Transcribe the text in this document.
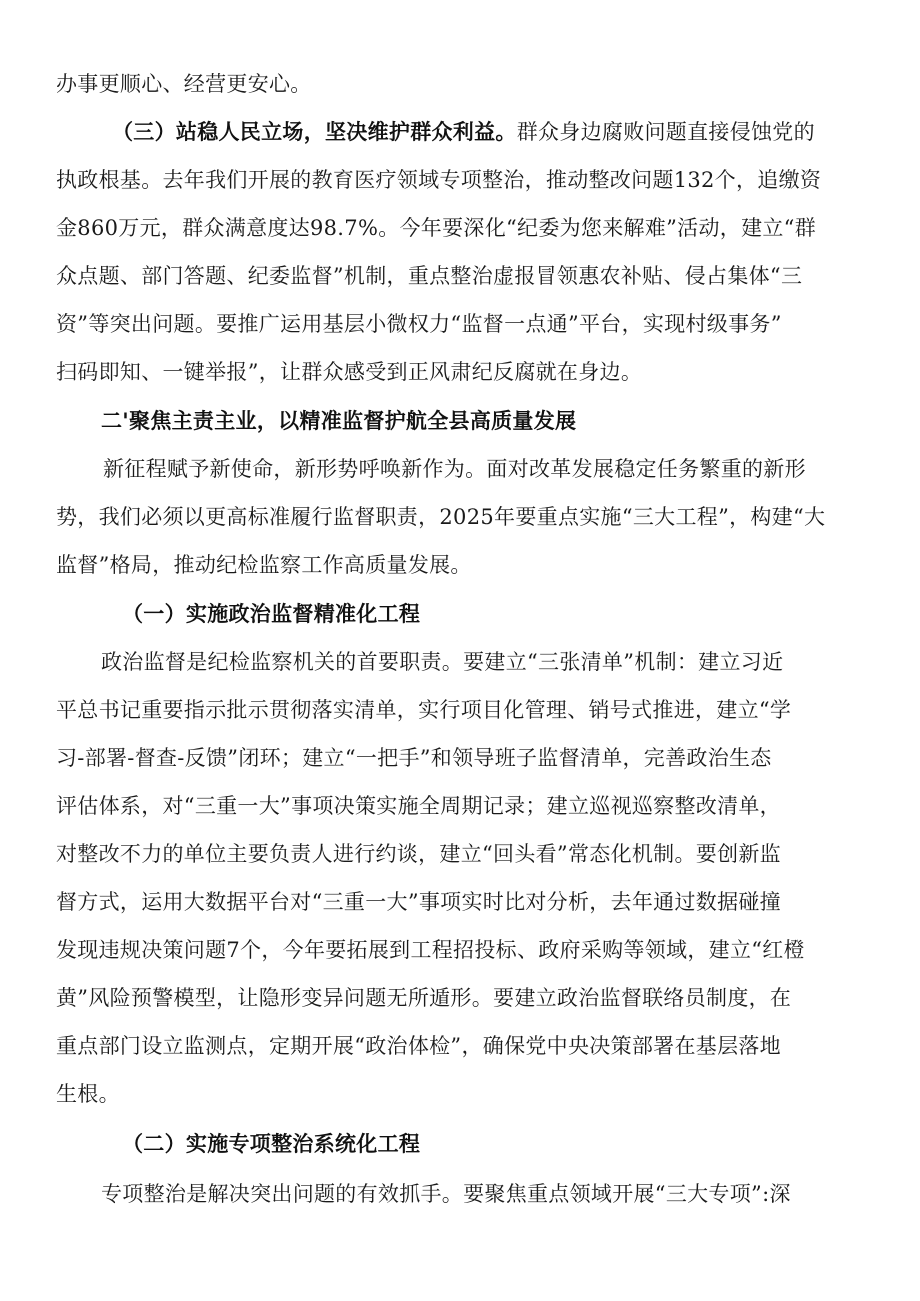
办事更顺心、经营更安心。
（三）站稳人民立场，坚决维护群众利益。群众身边腐败问题直接侵蚀党的
执政根基。去年我们开展的教育医疗领域专项整治，推动整改问题132个，追缴资
金860万元，群众满意度达98.7%。今年要深化“纪委为您来解难”活动，建立“群
众点题、部门答题、纪委监督”机制，重点整治虚报冒领惠农补贴、侵占集体“三
资”等突出问题。要推广运用基层小微权力“监督一点通”平台，实现村级事务”
扫码即知、一键举报”，让群众感受到正风肃纪反腐就在身边。
二'聚焦主责主业，以精准监督护航全县高质量发展
新征程赋予新使命，新形势呼唤新作为。面对改革发展稳定任务繁重的新形
势，我们必须以更高标准履行监督职责，2025年要重点实施“三大工程”，构建“大
监督”格局，推动纪检监察工作高质量发展。
（一）实施政治监督精准化工程
政治监督是纪检监察机关的首要职责。要建立“三张清单”机制：建立习近
平总书记重要指示批示贯彻落实清单，实行项目化管理、销号式推进，建立“学
习-部署-督查-反馈”闭环；建立“一把手”和领导班子监督清单，完善政治生态
评估体系，对“三重一大”事项决策实施全周期记录；建立巡视巡察整改清单，
对整改不力的单位主要负责人进行约谈，建立“回头看”常态化机制。要创新监
督方式，运用大数据平台对“三重一大”事项实时比对分析，去年通过数据碰撞
发现违规决策问题7个，今年要拓展到工程招投标、政府采购等领域，建立“红橙
黄”风险预警模型，让隐形变异问题无所遁形。要建立政治监督联络员制度，在
重点部门设立监测点，定期开展“政治体检”，确保党中央决策部署在基层落地
生根。
（二）实施专项整治系统化工程
专项整治是解决突出问题的有效抓手。要聚焦重点领域开展“三大专项”:深
